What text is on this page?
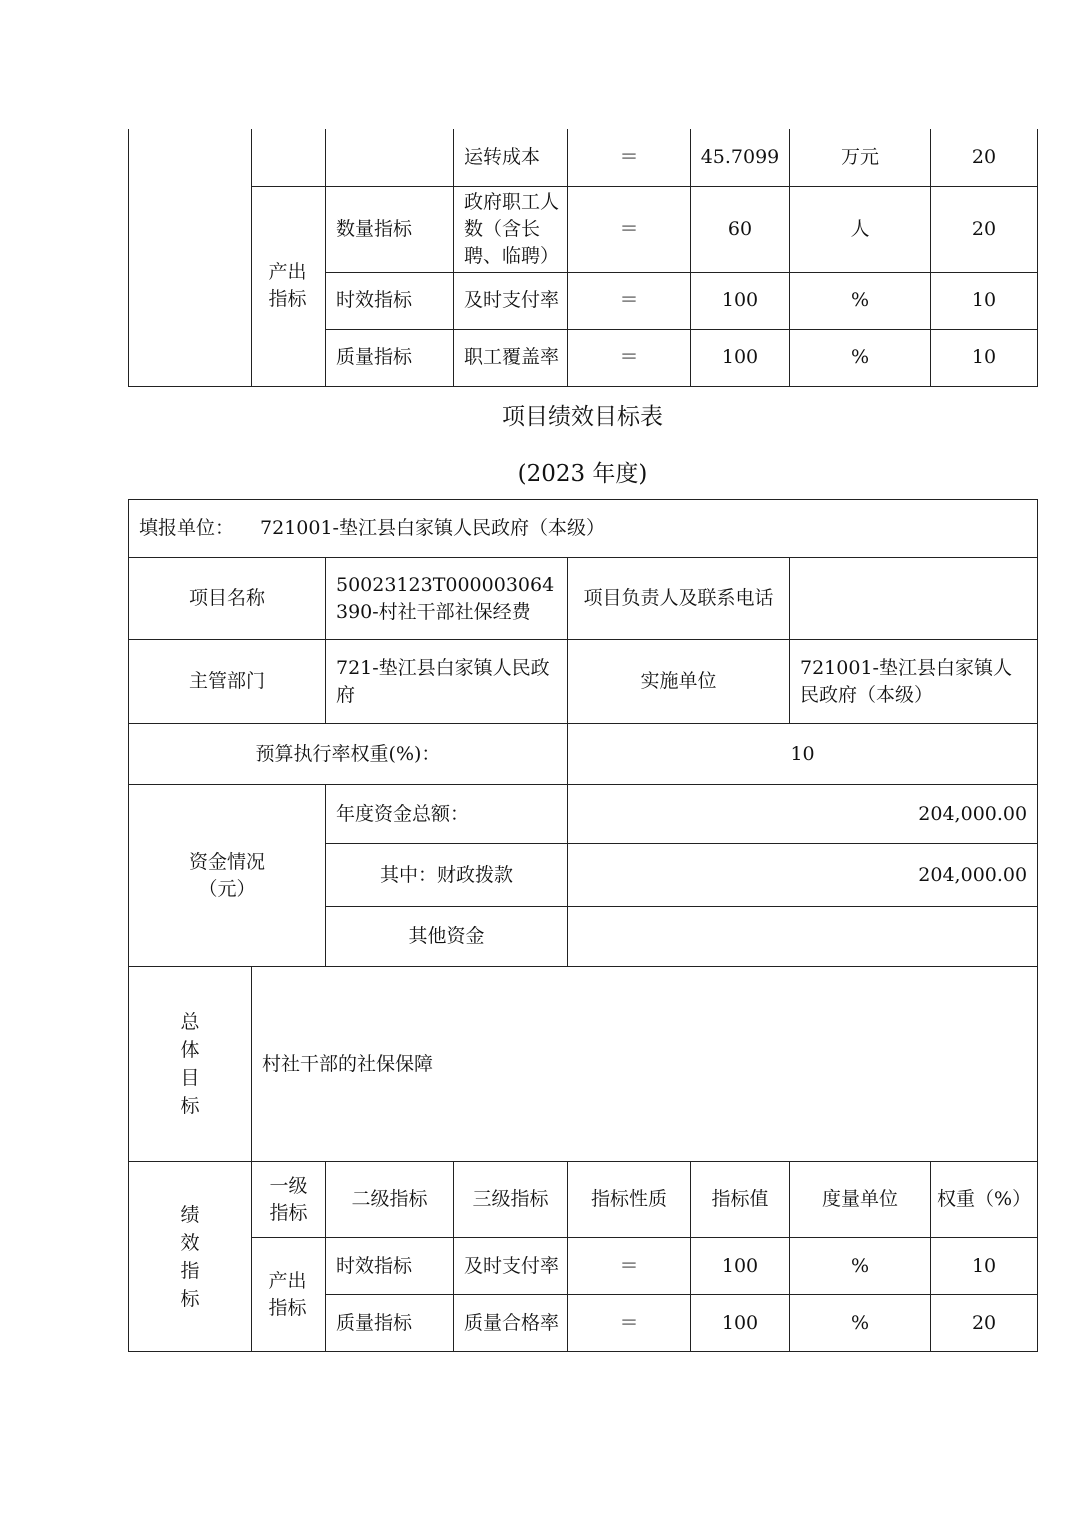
			运转成本	＝	45.7099	万元	20
	产出指标	数量指标	政府职工人数（含长聘、临聘）	＝	60	人	20
		时效指标	及时支付率	＝	100	%	10
		质量指标	职工覆盖率	＝	100	%	10
项目绩效目标表
(2023 年度)
填报单位： 721001-垫江县白家镇人民政府（本级）							
项目名称		50023123T000003064390-村社干部社保经费		项目负责人及联系电话			
主管部门		721-垫江县白家镇人民政府		实施单位		721001-垫江县白家镇人民政府（本级）	
预算执行率权重(%)：				10			
资金情况（元）		年度资金总额：		204,000.00			
		其中：财政拨款		204,000.00			
		其他资金					
总体目标	村社干部的社保保障						
绩效指标	一级指标	二级指标	三级指标	指标性质	指标值	度量单位	权重（%）
	产出指标	时效指标	及时支付率	＝	100	%	10
		质量指标	质量合格率	＝	100	%	20
